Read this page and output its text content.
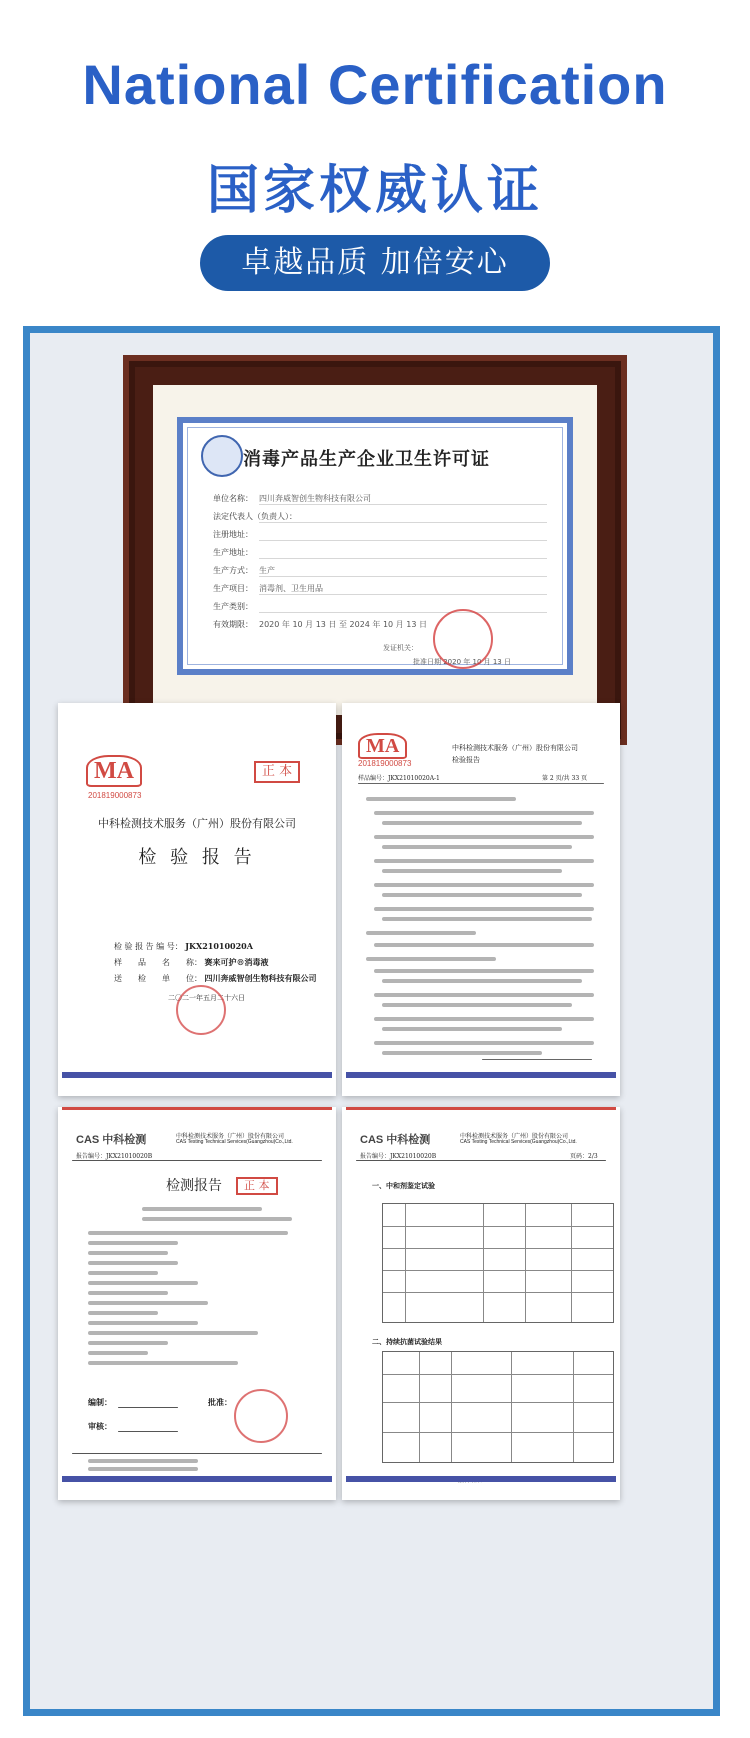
National Certification
国家权威认证
卓越品质 加倍安心
消毒产品生产企业卫生许可证
单位名称： 四川奔威智创生物科技有限公司
法定代表人（负责人）：
注册地址：
生产地址：
生产方式： 生产
生产项目： 消毒剂、卫生用品
生产类别：
有效期限： 2020 年 10 月 13 日 至 2024 年 10 月 13 日
发证机关：
批准日期 2020 年 10 月 13 日
MA
201819000873
正 本
中科检测技术服务（广州）股份有限公司
检 验 报 告
检 验 报 告 编 号： JKX21010020A
样　　品　　名　　称： 赛来可护®消毒液
送　　检　　单　　位： 四川奔威智创生物科技有限公司
二〇二一年五月二十六日
MA
201819000873
中科检测技术服务（广州）股份有限公司
检验报告
样品编号：JKX21010020A-1	第 2 页/共 33 页
CAS 中科检测	中科检测技术服务（广州）股份有限公司
CAS Testing Technical Services(Guangzhou)Co.,Ltd.
报告编号：JKX21010020B
检测报告	正 本
编制：
审核：
批准：
CAS 中科检测	中科检测技术服务（广州）股份有限公司
CAS Testing Technical Services(Guangzhou)Co.,Ltd.
报告编号：JKX21010020B	页码：2/3
一、中和剂鉴定试验
二、持续抗菌试验结果
